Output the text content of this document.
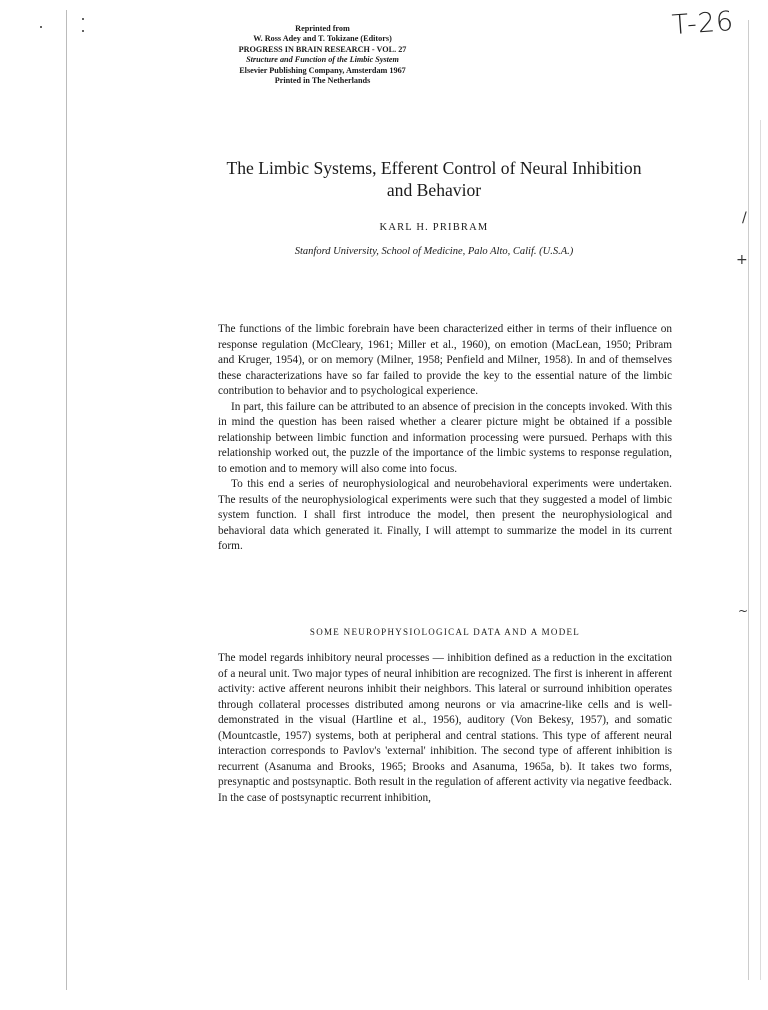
/
+
~
T-26
Reprinted from
W. Ross Adey and T. Tokizane (Editors)
PROGRESS IN BRAIN RESEARCH - VOL. 27
Structure and Function of the Limbic System
Elsevier Publishing Company, Amsterdam 1967
Printed in The Netherlands
The Limbic Systems, Efferent Control of Neural Inhibition
and Behavior
KARL H. PRIBRAM
Stanford University, School of Medicine, Palo Alto, Calif. (U.S.A.)

The functions of the limbic forebrain have been characterized either in terms of their influence on response regulation (McCleary, 1961; Miller et al., 1960), on emotion (MacLean, 1950; Pribram and Kruger, 1954), or on memory (Milner, 1958; Penfield and Milner, 1958). In and of themselves these characterizations have so far failed to provide the key to the essential nature of the limbic contribution to behavior and to psychological experience.

In part, this failure can be attributed to an absence of precision in the concepts invoked. With this in mind the question has been raised whether a clearer picture might be obtained if a possible relationship between limbic function and information processing were pursued. Perhaps with this relationship worked out, the puzzle of the importance of the limbic systems to response regulation, to emotion and to memory will also come into focus.

To this end a series of neurophysiological and neurobehavioral experiments were undertaken. The results of the neurophysiological experiments were such that they suggested a model of limbic system function. I shall first introduce the model, then present the neurophysiological and behavioral data which generated it. Finally, I will attempt to summarize the model in its current form.

SOME NEUROPHYSIOLOGICAL DATA AND A MODEL

The model regards inhibitory neural processes — inhibition defined as a reduction in the excitation of a neural unit. Two major types of neural inhibition are recognized. The first is inherent in afferent activity: active afferent neurons inhibit their neighbors. This lateral or surround inhibition operates through collateral processes distributed among neurons or via amacrine-like cells and is well-demonstrated in the visual (Hartline et al., 1956), auditory (Von Bekesy, 1957), and somatic (Mountcastle, 1957) systems, both at peripheral and central stations. This type of afferent neural interaction corresponds to Pavlov's 'external' inhibition. The second type of afferent inhibition is recurrent (Asanuma and Brooks, 1965; Brooks and Asanuma, 1965a, b). It takes two forms, presynaptic and postsynaptic. Both result in the regulation of afferent activity via negative feedback. In the case of postsynaptic recurrent inhibition,
